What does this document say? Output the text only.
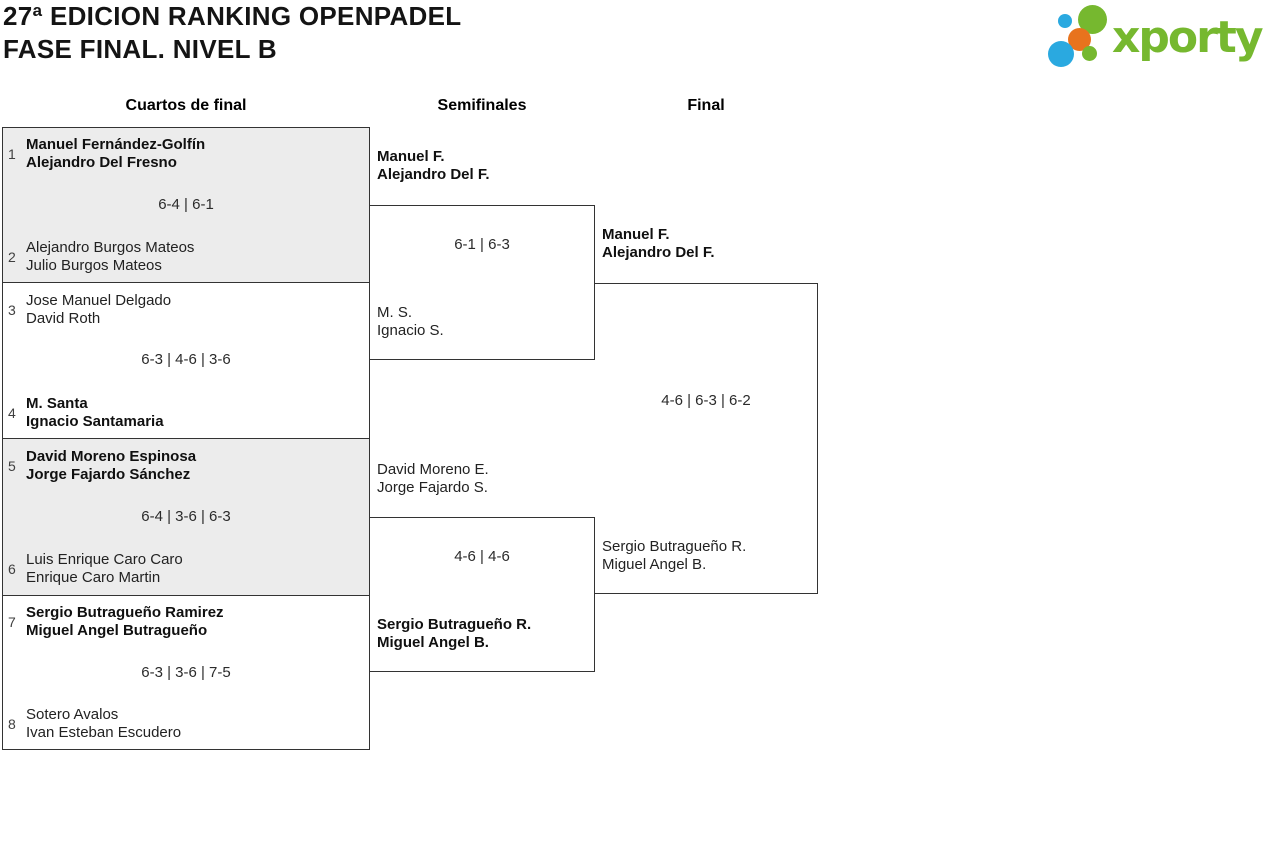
27ª EDICION RANKING OPENPADEL
FASE FINAL. NIVEL B	xporty
Cuartos de final	Semifinales	Final
1
Manuel Fernández-Golfín
Alejandro Del Fresno
6-4 | 6-1
2
Alejandro Burgos Mateos
Julio Burgos Mateos
3
Jose Manuel Delgado
David Roth
6-3 | 4-6 | 3-6
4
M. Santa
Ignacio Santamaria
5
David Moreno Espinosa
Jorge Fajardo Sánchez
6-4 | 3-6 | 6-3
6
Luis Enrique Caro Caro
Enrique Caro Martin
7
Sergio Butragueño Ramirez
Miguel Angel Butragueño
6-3 | 3-6 | 7-5
8
Sotero Avalos
Ivan Esteban Escudero
Manuel F.
Alejandro Del F.
6-1 | 6-3
M. S.
Ignacio S.
David Moreno E.
Jorge Fajardo S.
4-6 | 4-6
Sergio Butragueño R.
Miguel Angel B.
Manuel F.
Alejandro Del F.
4-6 | 6-3 | 6-2
Sergio Butragueño R.
Miguel Angel B.
